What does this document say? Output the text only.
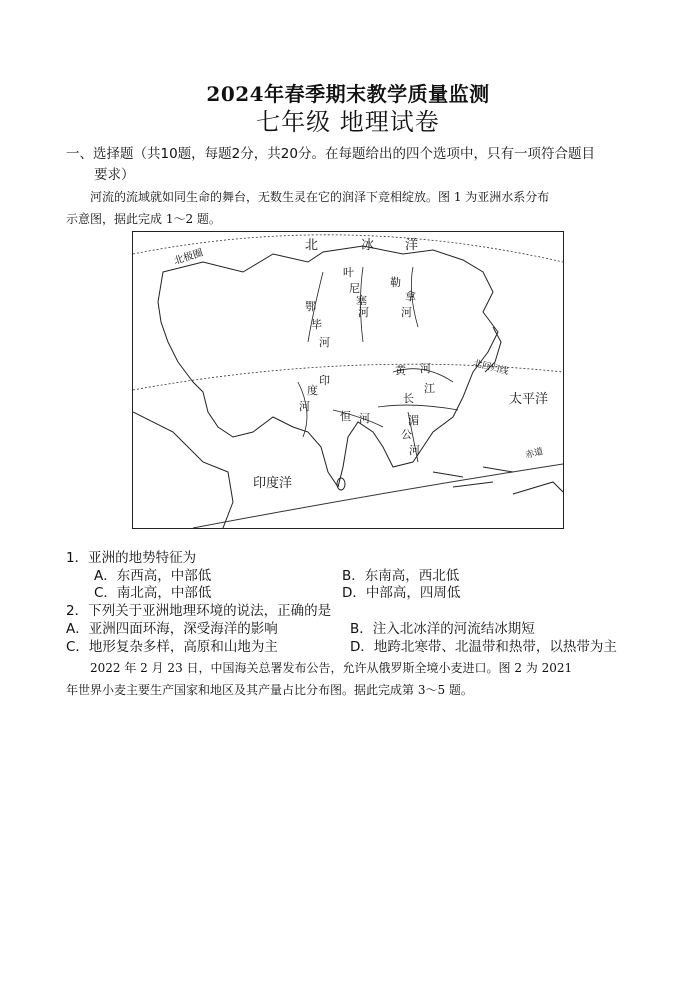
2024年春季期末教学质量监测
七年级 地理试卷
一、选择题（共10题，每题2分，共20分。在每题给出的四个选项中，只有一项符合题目
要求）

河流的流域就如同生命的舞台，无数生灵在它的润泽下竞相绽放。图 1 为亚洲水系分布

示意图，据此完成 1～2 题。
北	冰 洋
北极圈
叶
尼
塞
河
勒
拿
河
鄂
毕
河
黄 河
长
江
印
度
河
恒 河	湄
公
河
北回归线
太平洋
赤道
印度洋
1．亚洲的地势特征为
A．东西高，中部低	B．东南高，西北低
C．南北高，中部低	D．中部高，四周低
2．下列关于亚洲地理环境的说法，正确的是
A．亚洲四面环海，深受海洋的影响	B．注入北冰洋的河流结冰期短
C．地形复杂多样，高原和山地为主	D．地跨北寒带、北温带和热带，以热带为主

2022 年 2 月 23 日，中国海关总署发布公告，允许从俄罗斯全境小麦进口。图 2 为 2021

年世界小麦主要生产国家和地区及其产量占比分布图。据此完成第 3～5 题。
